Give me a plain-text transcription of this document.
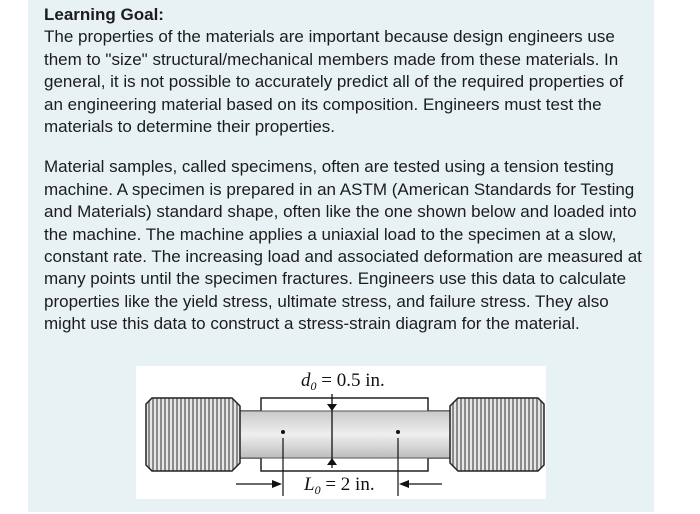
Learning Goal:

The properties of the materials are important because design engineers use them to "size" structural/mechanical members made from these materials. In general, it is not possible to accurately predict all of the required properties of an engineering material based on its composition. Engineers must test the materials to determine their properties.

Material samples, called specimens, often are tested using a tension testing machine. A specimen is prepared in an ASTM (American Standards for Testing and Materials) standard shape, often like the one shown below and loaded into the machine. The machine applies a uniaxial load to the specimen at a slow, constant rate. The increasing load and associated deformation are measured at many points until the specimen fractures. Engineers use this data to calculate properties like the yield stress, ultimate stress, and failure stress. They also might use this data to construct a stress-strain diagram for the material.

$d_0 = 0.5$ in.
$L_0 = 2$ in.
